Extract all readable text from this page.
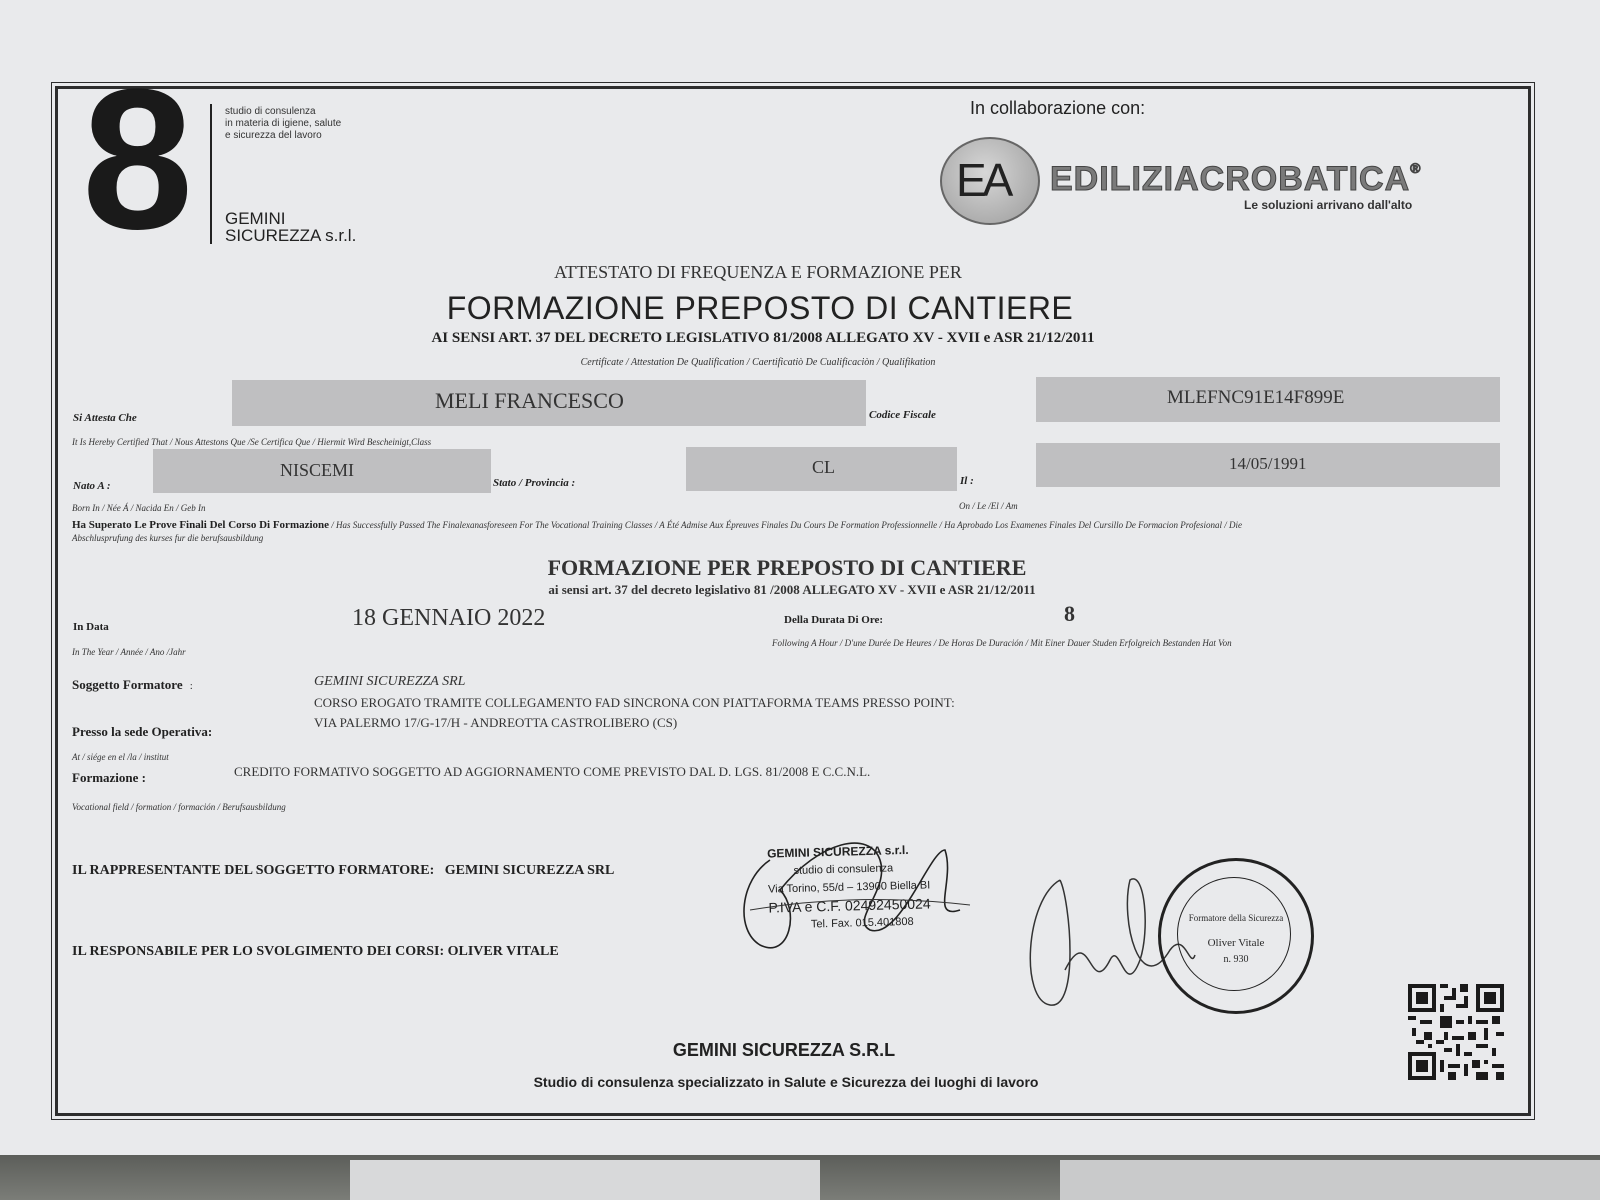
8	studio di consulenza
in materia di igiene, salute
e sicurezza del lavoro
GEMINI
SICUREZZA s.r.l.
In collaborazione con:
EA EDILIZIACROBATICA®
Le soluzioni arrivano dall'alto
ATTESTATO DI FREQUENZA E FORMAZIONE PER
FORMAZIONE PREPOSTO DI CANTIERE
AI SENSI ART. 37 DEL DECRETO LEGISLATIVO 81/2008 ALLEGATO XV - XVII e ASR 21/12/2011
Certificate / Attestation De Qualification / Caertificatiò De Cualificaciòn / Qualifikation
Si Attesta Che
MELI FRANCESCO
Codice Fiscale
MLEFNC91E14F899E
It Is Hereby Certified That / Nous Attestons Que /Se Certifica Que / Hiermit Wird Bescheinigt,Class
Nato A :
NISCEMI
Stato / Provincia :
CL
Il :
14/05/1991
Born In / Née Á / Nacida En / Geb In	On / Le /El / Am
Ha Superato Le Prove Finali Del Corso Di Formazione / Has Successfully Passed The Finalexanasforeseen For The Vocational Training Classes / A Été Admise Aux Épreuves Finales Du Cours De Formation Professionnelle / Ha Aprobado Los Examenes Finales Del Cursillo De Formacion Profesional / Die
Abschlusprufung des kurses fur die berufsausbildung
FORMAZIONE PER PREPOSTO DI CANTIERE
ai sensi art. 37 del decreto legislativo 81 /2008 ALLEGATO XV - XVII e ASR 21/12/2011
In Data	18 GENNAIO 2022
In The Year / Année / Ano /Jahr
Della Durata Di Ore:	8
Following A Hour / D'une Durée De Heures / De Horas De Duración / Mit Einer Dauer Studen Erfolgreich Bestanden Hat Von
Soggetto Formatore :	GEMINI SICUREZZA SRL
CORSO EROGATO TRAMITE COLLEGAMENTO FAD SINCRONA CON PIATTAFORMA TEAMS PRESSO POINT:
Presso la sede Operativa:
VIA PALERMO 17/G-17/H - ANDREOTTA CASTROLIBERO (CS)
At / siége en el /la / institut
Formazione :	CREDITO FORMATIVO SOGGETTO AD AGGIORNAMENTO COME PREVISTO DAL D. LGS. 81/2008 E C.C.N.L.
Vocational field / formation / formación / Berufsausbildung
IL RAPPRESENTANTE DEL SOGGETTO FORMATORE:   GEMINI SICUREZZA SRL
IL RESPONSABILE PER LO SVOLGIMENTO DEI CORSI: OLIVER VITALE
GEMINI SICUREZZA s.r.l.
studio di consulenza
Via Torino, 55/d – 13900 Biella BI
P.IVA e C.F. 02492450024
Tel. Fax. 015.401808	Formatore della Sicurezza
Oliver Vitale
n. 930
GEMINI SICUREZZA S.R.L
Studio di consulenza specializzato in Salute e Sicurezza dei luoghi di lavoro
